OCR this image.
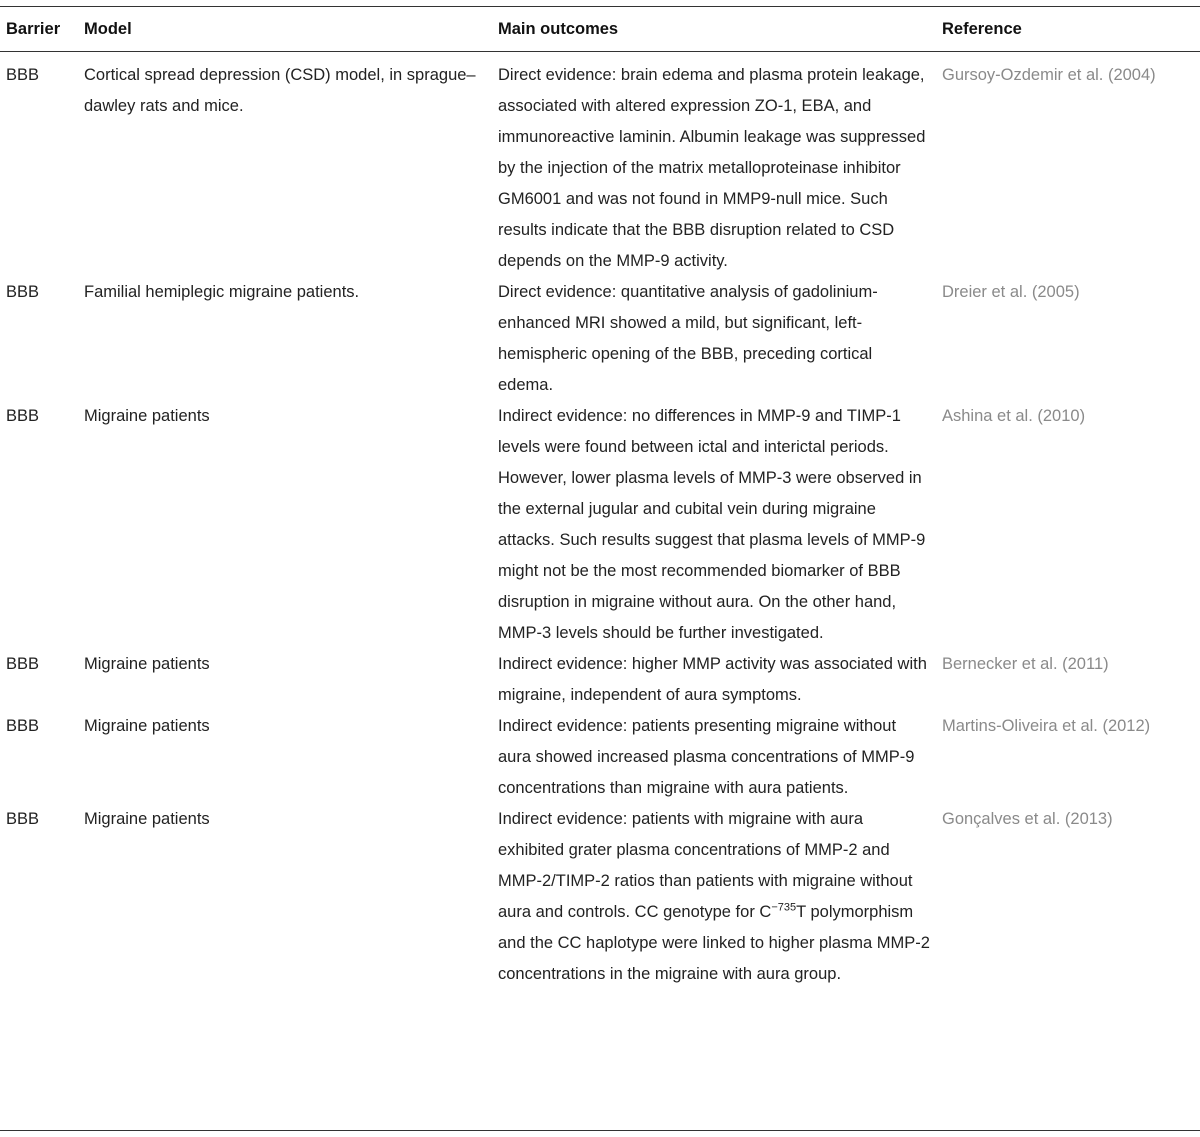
Barrier	Model	Main outcomes	Reference
BBB	Cortical spread depression (CSD) model, in sprague–dawley rats and mice.	Direct evidence: brain edema and plasma protein leakage, associated with altered expression ZO-1, EBA, and immunoreactive laminin. Albumin leakage was suppressed by the injection of the matrix metalloproteinase inhibitor GM6001 and was not found in MMP9-null mice. Such results indicate that the BBB disruption related to CSD depends on the MMP-9 activity.	Gursoy-Ozdemir et al. (2004)
BBB	Familial hemiplegic migraine patients.	Direct evidence: quantitative analysis of gadolinium-enhanced MRI showed a mild, but significant, left-hemispheric opening of the BBB, preceding cortical edema.	Dreier et al. (2005)
BBB	Migraine patients	Indirect evidence: no differences in MMP-9 and TIMP-1 levels were found between ictal and interictal periods. However, lower plasma levels of MMP-3 were observed in the external jugular and cubital vein during migraine attacks. Such results suggest that plasma levels of MMP-9 might not be the most recommended biomarker of BBB disruption in migraine without aura. On the other hand, MMP-3 levels should be further investigated.	Ashina et al. (2010)
BBB	Migraine patients	Indirect evidence: higher MMP activity was associated with migraine, independent of aura symptoms.	Bernecker et al. (2011)
BBB	Migraine patients	Indirect evidence: patients presenting migraine without aura showed increased plasma concentrations of MMP-9 concentrations than migraine with aura patients.	Martins-Oliveira et al. (2012)
BBB	Migraine patients	Indirect evidence: patients with migraine with aura exhibited grater plasma concentrations of MMP-2 and MMP-2/TIMP-2 ratios than patients with migraine without aura and controls. CC genotype for $C^{-735}T$ polymorphism and the CC haplotype were linked to higher plasma MMP-2 concentrations in the migraine with aura group.	Gonçalves et al. (2013)
